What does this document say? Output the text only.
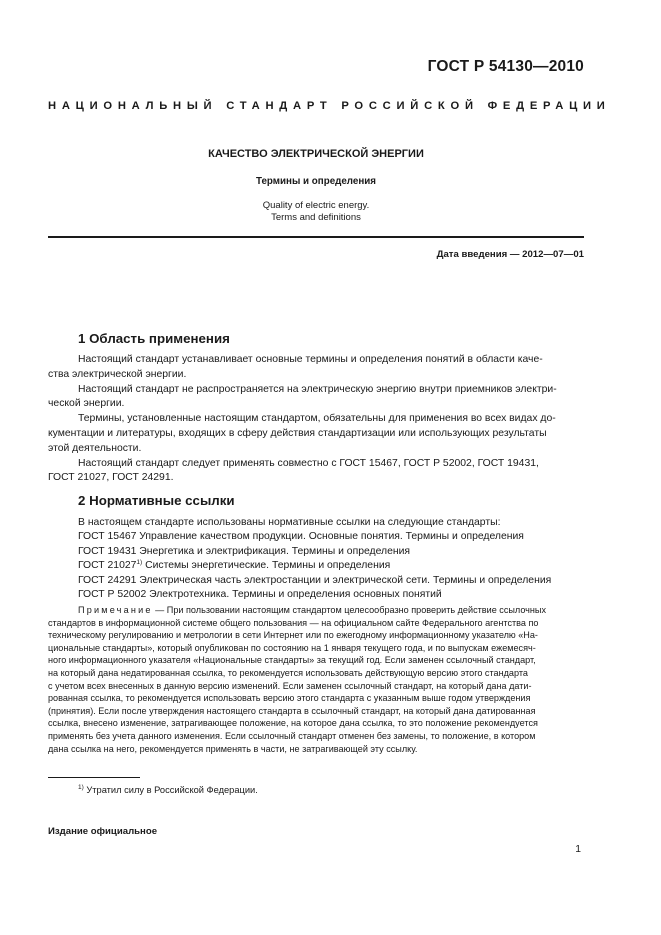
ГОСТ Р 54130—2010
НАЦИОНАЛЬНЫЙ СТАНДАРТ РОССИЙСКОЙ ФЕДЕРАЦИИ
КАЧЕСТВО ЭЛЕКТРИЧЕСКОЙ ЭНЕРГИИ
Термины и определения
Quality of electric energy.
Terms and definitions
Дата введения — 2012—07—01
1 Область применения

Настоящий стандарт устанавливает основные термины и определения понятий в области каче-

ства электрической энергии.

Настоящий стандарт не распространяется на электрическую энергию внутри приемников электри-

ческой энергии.

Термины, установленные настоящим стандартом, обязательны для применения во всех видах до-

кументации и литературы, входящих в сферу действия стандартизации или использующих результаты

этой деятельности.

Настоящий стандарт следует применять совместно с ГОСТ 15467, ГОСТ Р 52002, ГОСТ 19431,

ГОСТ 21027, ГОСТ 24291.

2 Нормативные ссылки
В настоящем стандарте использованы нормативные ссылки на следующие стандарты:
ГОСТ 15467 Управление качеством продукции. Основные понятия. Термины и определения
ГОСТ 19431 Энергетика и электрификация. Термины и определения
ГОСТ 21027$^{1)}$ Системы энергетические. Термины и определения
ГОСТ 24291 Электрическая часть электростанции и электрической сети. Термины и определения
ГОСТ Р 52002 Электротехника. Термины и определения основных понятий
Примечание — При пользовании настоящим стандартом целесообразно проверить действие ссылочных
стандартов в информационной системе общего пользования — на официальном сайте Федерального агентства по
техническому регулированию и метрологии в сети Интернет или по ежегодному информационному указателю «На-
циональные стандарты», который опубликован по состоянию на 1 января текущего года, и по выпускам ежемесяч-
ного информационного указателя «Национальные стандарты» за текущий год. Если заменен ссылочный стандарт,
на который дана недатированная ссылка, то рекомендуется использовать действующую версию этого стандарта
с учетом всех внесенных в данную версию изменений. Если заменен ссылочный стандарт, на который дана дати-
рованная ссылка, то рекомендуется использовать версию этого стандарта с указанным выше годом утверждения
(принятия). Если после утверждения настоящего стандарта в ссылочный стандарт, на который дана датированная
ссылка, внесено изменение, затрагивающее положение, на которое дана ссылка, то это положение рекомендуется
применять без учета данного изменения. Если ссылочный стандарт отменен без замены, то положение, в котором
дана ссылка на него, рекомендуется применять в части, не затрагивающей эту ссылку.
$^{1)}$ Утратил силу в Российской Федерации.
Издание официальное
1
